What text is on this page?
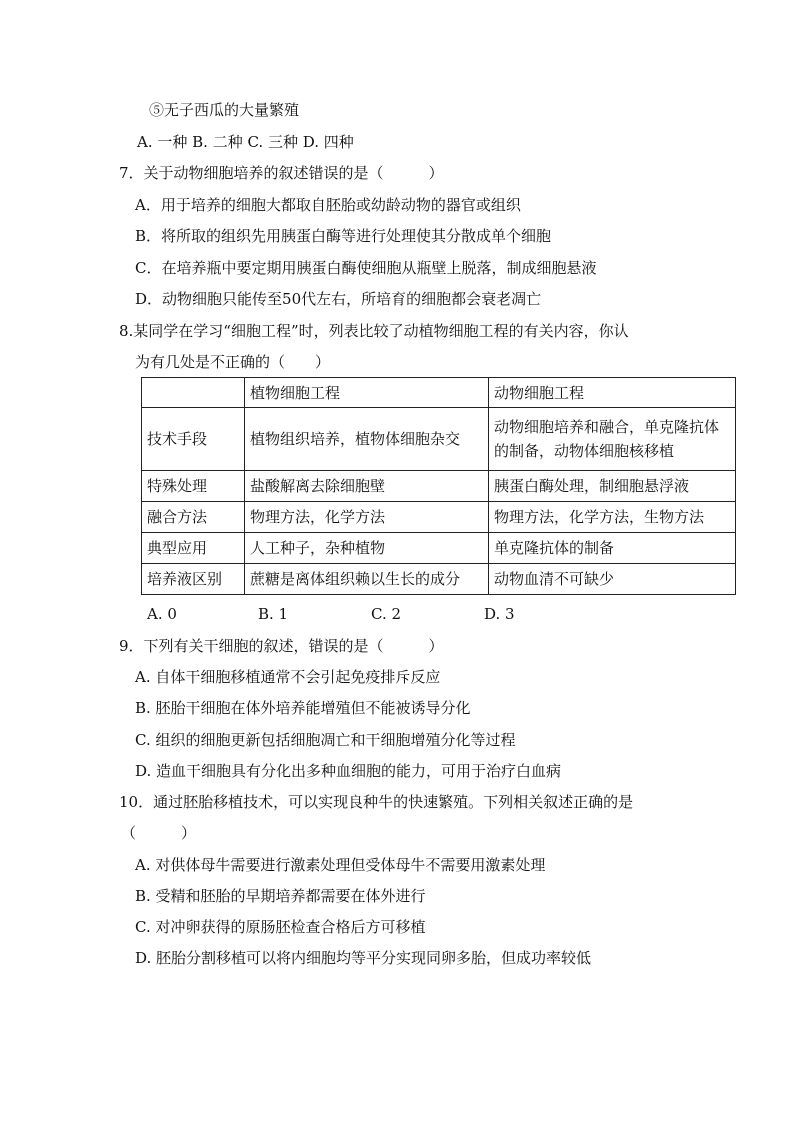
⑤无子西瓜的大量繁殖
A. 一种 B. 二种 C. 三种 D. 四种
7．关于动物细胞培养的叙述错误的是（　　　）
A．用于培养的细胞大都取自胚胎或幼龄动物的器官或组织
B．将所取的组织先用胰蛋白酶等进行处理使其分散成单个细胞
C．在培养瓶中要定期用胰蛋白酶使细胞从瓶壁上脱落，制成细胞悬液
D．动物细胞只能传至50代左右，所培育的细胞都会衰老凋亡
8.某同学在学习“细胞工程”时，列表比较了动植物细胞工程的有关内容，你认
为有几处是不正确的（　　）
	植物细胞工程	动物细胞工程
技术手段	植物组织培养，植物体细胞杂交	动物细胞培养和融合，单克隆抗体的制备，动物体细胞核移植
特殊处理	盐酸解离去除细胞壁	胰蛋白酶处理，制细胞悬浮液
融合方法	物理方法，化学方法	物理方法，化学方法，生物方法
典型应用	人工种子，杂种植物	单克隆抗体的制备
培养液区别	蔗糖是离体组织赖以生长的成分	动物血清不可缺少
A. 0	B. 1	C. 2	D. 3
9．下列有关干细胞的叙述，错误的是（　　　）
A. 自体干细胞移植通常不会引起免疫排斥反应
B. 胚胎干细胞在体外培养能增殖但不能被诱导分化
C. 组织的细胞更新包括细胞凋亡和干细胞增殖分化等过程
D. 造血干细胞具有分化出多种血细胞的能力，可用于治疗白血病
10．通过胚胎移植技术，可以实现良种牛的快速繁殖。下列相关叙述正确的是
（　　　）
A. 对供体母牛需要进行激素处理但受体母牛不需要用激素处理
B. 受精和胚胎的早期培养都需要在体外进行
C. 对冲卵获得的原肠胚检查合格后方可移植
D. 胚胎分割移植可以将内细胞均等平分实现同卵多胎，但成功率较低
